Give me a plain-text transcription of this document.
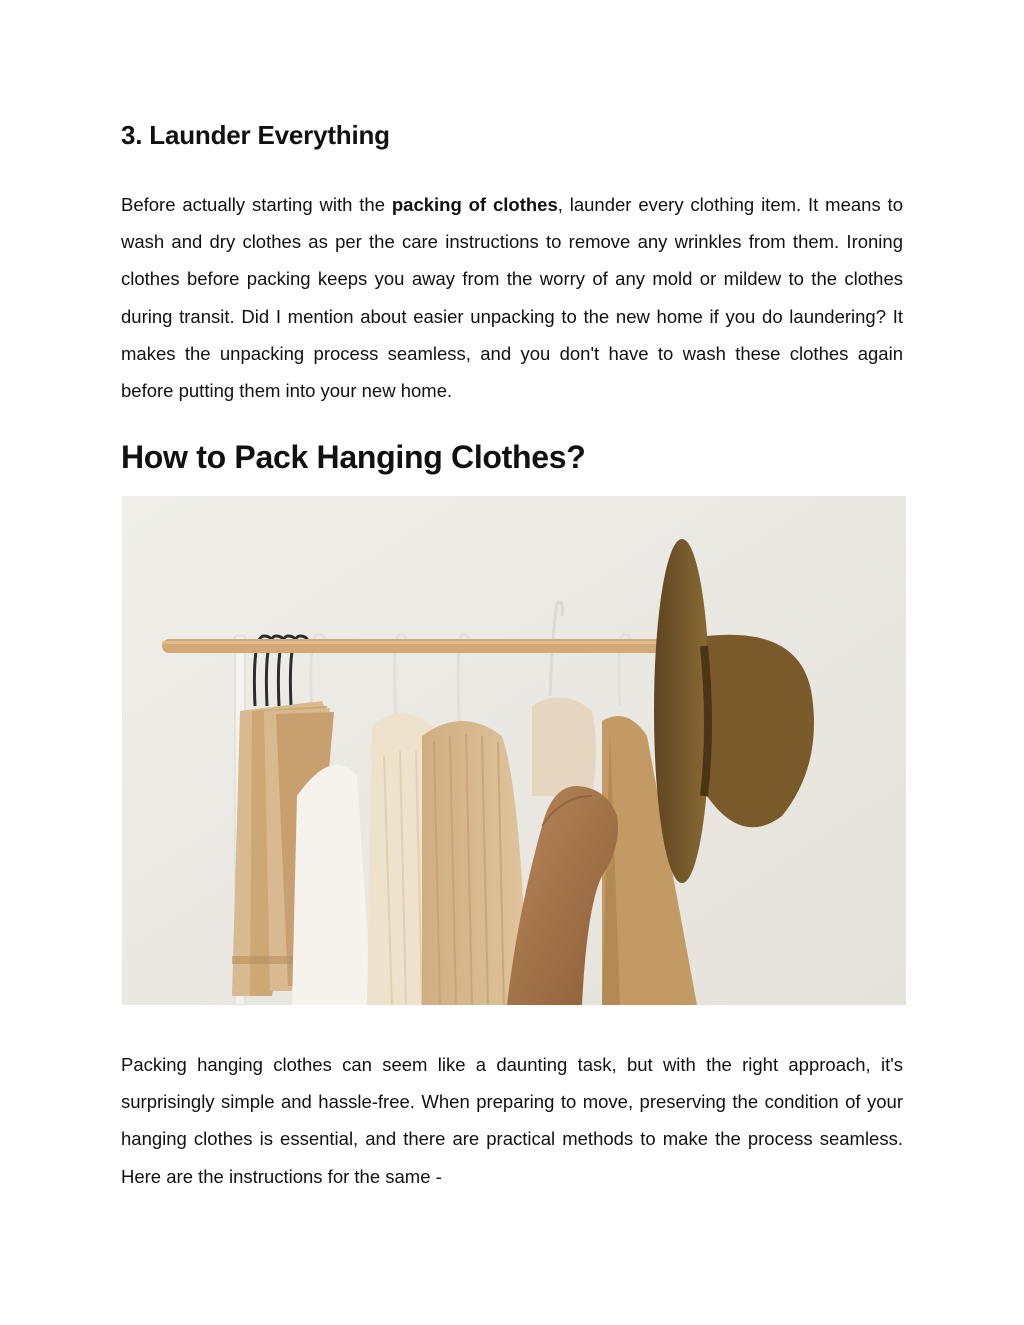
3. Launder Everything

Before actually starting with the packing of clothes, launder every clothing item. It means to wash and dry clothes as per the care instructions to remove any wrinkles from them. Ironing clothes before packing keeps you away from the worry of any mold or mildew to the clothes during transit. Did I mention about easier unpacking to the new home if you do laundering? It makes the unpacking process seamless, and you don't have to wash these clothes again before putting them into your new home.

How to Pack Hanging Clothes?

Packing hanging clothes can seem like a daunting task, but with the right approach, it's surprisingly simple and hassle-free. When preparing to move, preserving the condition of your hanging clothes is essential, and there are practical methods to make the process seamless. Here are the instructions for the same -
